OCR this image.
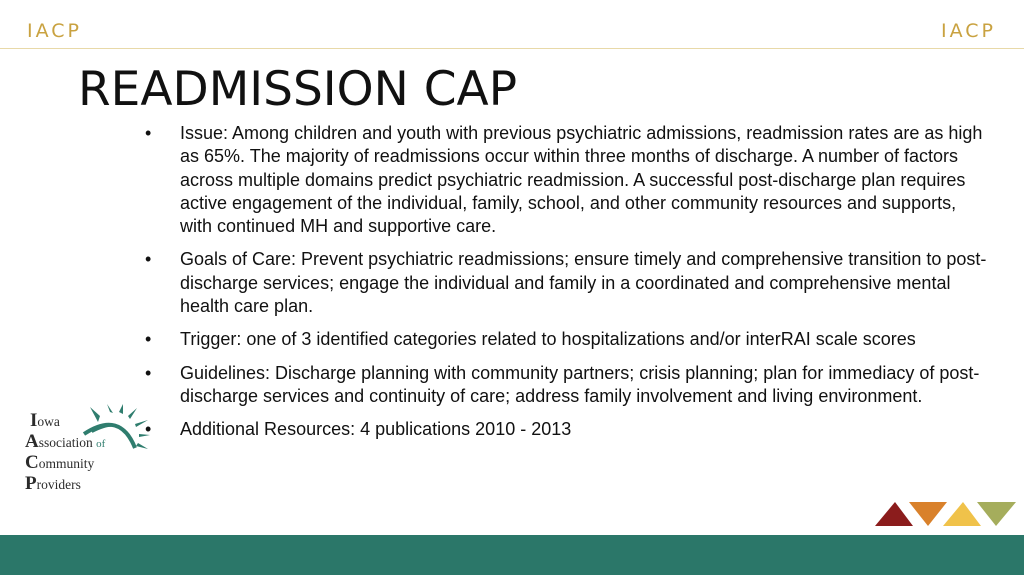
IACP	IACP
READMISSION CAP
• Issue: Among children and youth with previous psychiatric admissions, readmission rates are as high as 65%. The majority of readmissions occur within three months of discharge. A number of factors across multiple domains predict psychiatric readmission. A successful post-discharge plan requires active engagement of the individual, family, school, and other community resources and supports, with continued MH and supportive care.
• Goals of Care: Prevent psychiatric readmissions; ensure timely and comprehensive transition to post-discharge services; engage the individual and family in a coordinated and comprehensive mental health care plan.
• Trigger: one of 3 identified categories related to hospitalizations and/or interRAI scale scores
• Guidelines: Discharge planning with community partners; crisis planning; plan for immediacy of post-discharge services and continuity of care; address family involvement and living environment.
• Additional Resources: 4 publications 2010 - 2013
Iowa
Association of
Community
Providers
